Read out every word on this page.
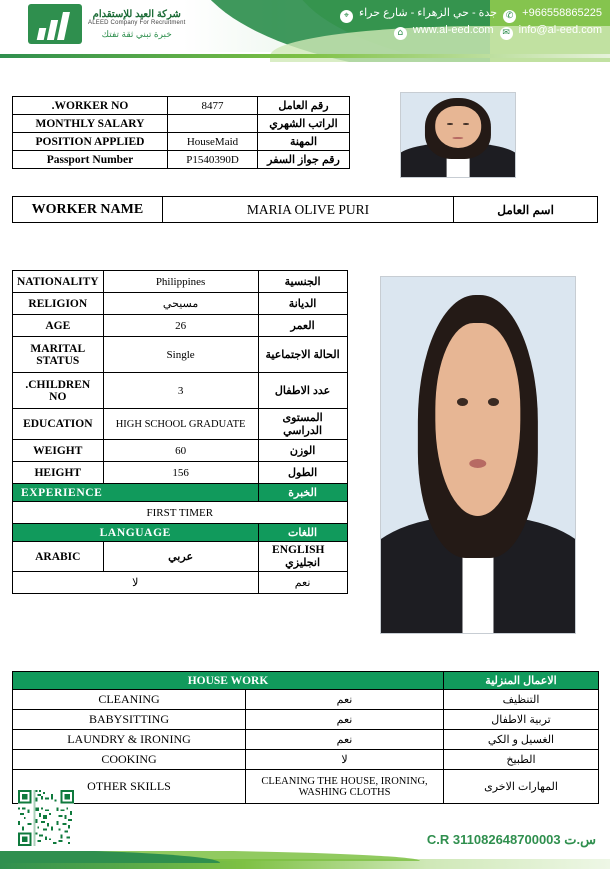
شركة العيد للإستقدام
ALEED Company For Recruitment
خبرة تبني ثقة تفتك
+966558865225 ✆ جدة - حي الزهراء - شارع حراء ⌖
info@al-eed.com ✉ www.al-eed.com ⌂
.WORKER NO	8477	رقم العامل
MONTHLY SALARY		الراتب الشهري
POSITION APPLIED	HouseMaid	المهنة
Passport Number	P1540390D	رقم جواز السفر
WORKER NAME	MARIA OLIVE PURI	اسم العامل
NATIONALITY	Philippines	الجنسية
RELIGION	مسيحي	الديانة
AGE	26	العمر
MARITAL STATUS	Single	الحالة الاجتماعية
.CHILDREN NO	3	عدد الاطفال
EDUCATION	HIGH SCHOOL GRADUATE	المستوى الدراسي
WEIGHT	60	الوزن
HEIGHT	156	الطول
EXPERIENCE		الخبرة
FIRST TIMER		
LANGUAGE		اللغات
ARABIC	عربي	ENGLISH    انجليزي
لا		نعم
HOUSE WORK		الاعمال المنزلية
CLEANING	نعم	التنظيف
BABYSITTING	نعم	تربية الاطفال
LAUNDRY & IRONING	نعم	الغسيل و الكي
COOKING	لا	الطبيخ
OTHER SKILLS	CLEANING THE HOUSE, IRONING, WASHING CLOTHS	المهارات الاخرى
س.ت C.R 311082648700003
